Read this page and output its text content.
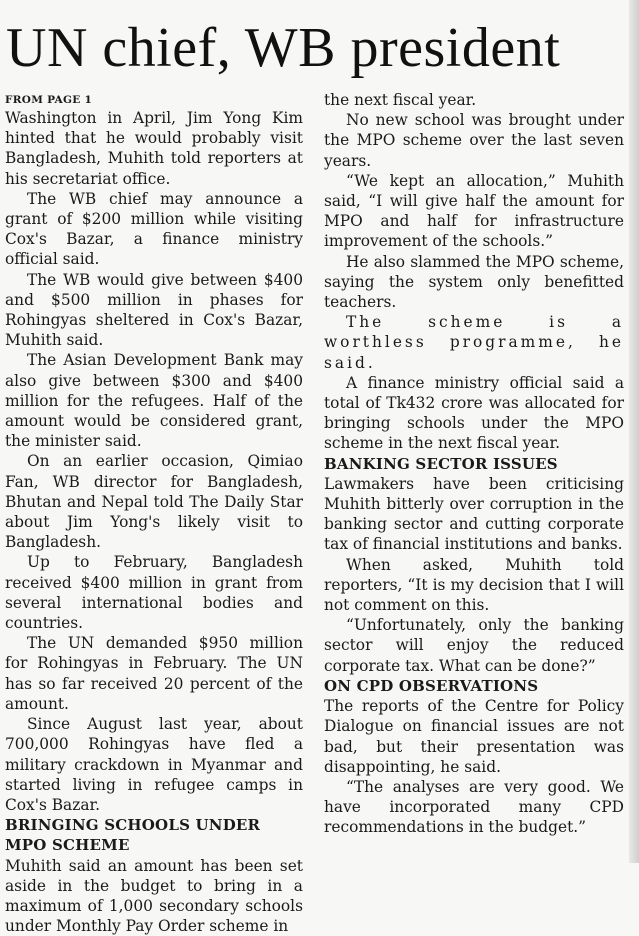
UN chief, WB president

FROM PAGE 1

Washington in April, Jim Yong Kim hinted that he would probably visit Bangladesh, Muhith told reporters at his secretariat office.

The WB chief may announce a grant of $200 million while visiting Cox's Bazar, a finance ministry official said.

The WB would give between $400 and $500 million in phases for Rohingyas sheltered in Cox's Bazar, Muhith said.

The Asian Development Bank may also give between $300 and $400 million for the refugees. Half of the amount would be considered grant, the minister said.

On an earlier occasion, Qimiao Fan, WB director for Bangladesh, Bhutan and Nepal told The Daily Star about Jim Yong's likely visit to Bangladesh.

Up to February, Bangladesh received $400 million in grant from several international bodies and countries.

The UN demanded $950 million for Rohingyas in February. The UN has so far received 20 percent of the amount.

Since August last year, about 700,000 Rohingyas have fled a military crackdown in Myanmar and started living in refugee camps in Cox's Bazar.

BRINGING SCHOOLS UNDER

MPO SCHEME

Muhith said an amount has been set aside in the budget to bring in a maximum of 1,000 secondary schools under Monthly Pay Order scheme in

the next fiscal year.

No new school was brought under the MPO scheme over the last seven years.

“We kept an allocation,” Muhith said, “I will give half the amount for MPO and half for infrastructure improvement of the schools.”

He also slammed the MPO scheme, saying the system only benefitted teachers.

The scheme is a worthless programme, he said.

A finance ministry official said a total of Tk432 crore was allocated for bringing schools under the MPO scheme in the next fiscal year.

BANKING SECTOR ISSUES

Lawmakers have been criticising Muhith bitterly over corruption in the banking sector and cutting corporate tax of financial institutions and banks.

When asked, Muhith told reporters, “It is my decision that I will not comment on this.

“Unfortunately, only the banking sector will enjoy the reduced corporate tax. What can be done?”

ON CPD OBSERVATIONS

The reports of the Centre for Policy Dialogue on financial issues are not bad, but their presentation was disappointing, he said.

“The analyses are very good. We have incorporated many CPD recommendations in the budget.”
